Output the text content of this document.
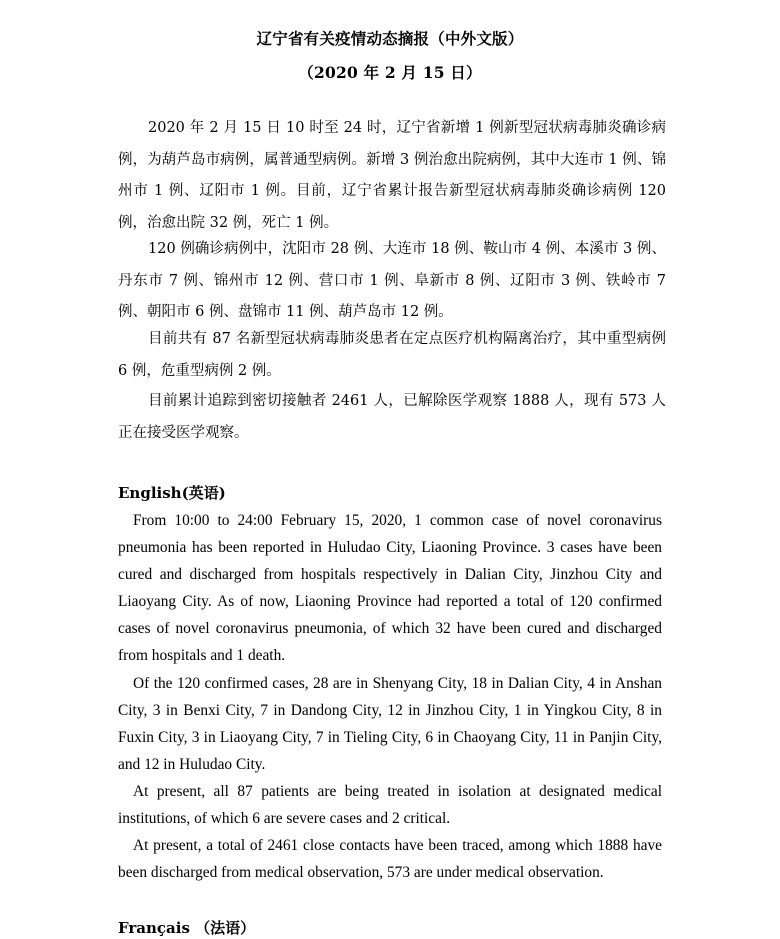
辽宁省有关疫情动态摘报（中外文版）
（2020 年 2 月 15 日）

2020 年 2 月 15 日 10 时至 24 时，辽宁省新增 1 例新型冠状病毒肺炎确诊病例，为葫芦岛市病例，属普通型病例。新增 3 例治愈出院病例，其中大连市 1 例、锦州市 1 例、辽阳市 1 例。目前，辽宁省累计报告新型冠状病毒肺炎确诊病例 120 例，治愈出院 32 例，死亡 1 例。

120 例确诊病例中，沈阳市 28 例、大连市 18 例、鞍山市 4 例、本溪市 3 例、丹东市 7 例、锦州市 12 例、营口市 1 例、阜新市 8 例、辽阳市 3 例、铁岭市 7 例、朝阳市 6 例、盘锦市 11 例、葫芦岛市 12 例。

目前共有 87 名新型冠状病毒肺炎患者在定点医疗机构隔离治疗，其中重型病例 6 例，危重型病例 2 例。

目前累计追踪到密切接触者 2461 人，已解除医学观察 1888 人，现有 573 人正在接受医学观察。

English(英语)

From 10:00 to 24:00 February 15, 2020, 1 common case of novel coronavirus pneumonia has been reported in Huludao City, Liaoning Province. 3 cases have been cured and discharged from hospitals respectively in Dalian City, Jinzhou City and Liaoyang City. As of now, Liaoning Province had reported a total of 120 confirmed cases of novel coronavirus pneumonia, of which 32 have been cured and discharged from hospitals and 1 death.

Of the 120 confirmed cases, 28 are in Shenyang City, 18 in Dalian City, 4 in Anshan City, 3 in Benxi City, 7 in Dandong City, 12 in Jinzhou City, 1 in Yingkou City, 8 in Fuxin City, 3 in Liaoyang City, 7 in Tieling City, 6 in Chaoyang City, 11 in Panjin City, and 12 in Huludao City.

At present, all 87 patients are being treated in isolation at designated medical institutions, of which 6 are severe cases and 2 critical.

At present, a total of 2461 close contacts have been traced, among which 1888 have been discharged from medical observation, 573 are under medical observation.

Français （法语）
